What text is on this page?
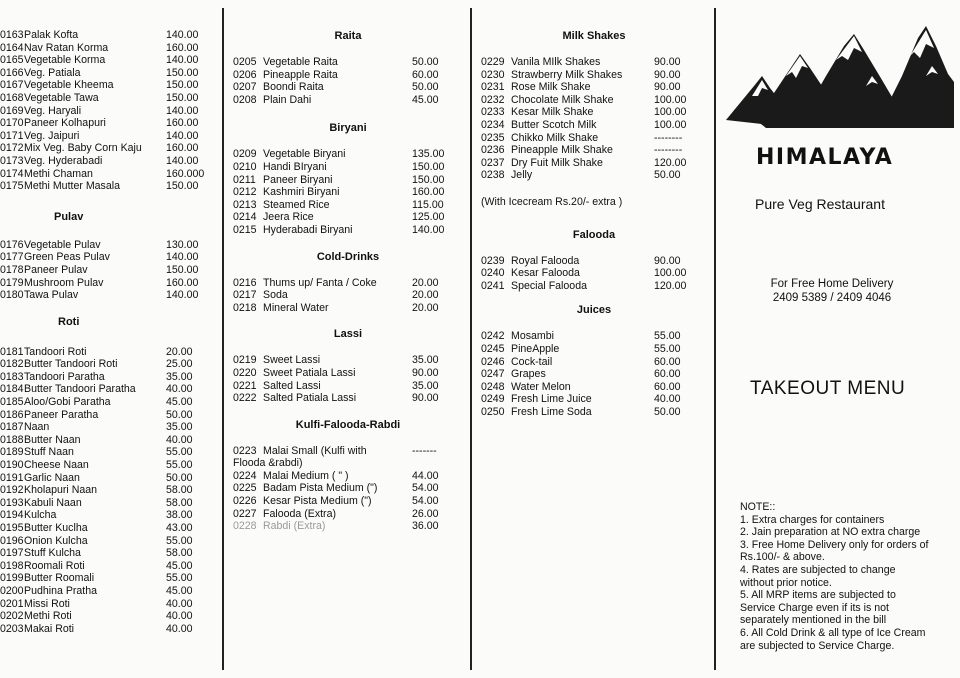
0163 Palak Kofta	140.00
0164 Nav Ratan Korma	160.00
0165 Vegetable Korma	140.00
0166 Veg. Patiala	150.00
0167 Vegetable Kheema	150.00
0168 Vegetable Tawa	150.00
0169 Veg. Haryali	140.00
0170 Paneer Kolhapuri	160.00
0171 Veg. Jaipuri	140.00
0172 Mix Veg. Baby Corn Kaju	160.00
0173 Veg. Hyderabadi	140.00
0174 Methi Chaman	160.000
0175 Methi Mutter Masala	150.00
Pulav
0176 Vegetable Pulav	130.00
0177 Green Peas Pulav	140.00
0178 Paneer Pulav	150.00
0179 Mushroom Pulav	160.00
0180 Tawa Pulav	140.00
Roti
0181 Tandoori Roti	20.00
0182 Butter Tandoori Roti	25.00
0183 Tandoori Paratha	35.00
0184 Butter Tandoori Paratha	40.00
0185 Aloo/Gobi Paratha	45.00
0186 Paneer Paratha	50.00
0187 Naan	35.00
0188 Butter Naan	40.00
0189 Stuff Naan	55.00
0190 Cheese Naan	55.00
0191 Garlic Naan	50.00
0192 Kholapuri Naan	58.00
0193 Kabuli Naan	58.00
0194 Kulcha	38.00
0195 Butter Kuclha	43.00
0196 Onion Kulcha	55.00
0197 Stuff Kulcha	58.00
0198 Roomali Roti	45.00
0199 Butter Roomali	55.00
0200 Pudhina Pratha	45.00
0201 Missi Roti	40.00
0202 Methi Roti	40.00
0203 Makai Roti	40.00
Raita
0205 Vegetable Raita	50.00
0206 Pineapple Raita	60.00
0207 Boondi Raita	50.00
0208 Plain Dahi	45.00
Biryani
0209 Vegetable Biryani	135.00
0210 Handi BIryani	150.00
0211 Paneer Biryani	150.00
0212 Kashmiri Biryani	160.00
0213 Steamed Rice	115.00
0214 Jeera Rice	125.00
0215 Hyderabadi Biryani	140.00
Cold-Drinks
0216 Thums up/ Fanta / Coke	20.00
0217 Soda	20.00
0218 Mineral Water	20.00
Lassi
0219 Sweet Lassi	35.00
0220 Sweet Patiala Lassi	90.00
0221 Salted Lassi	35.00
0222 Salted Patiala Lassi	90.00
Kulfi-Falooda-Rabdi
0223 Malai Small (Kulfi with	-------
Flooda &rabdi)
0224 Malai Medium ( " )	44.00
0225 Badam Pista Medium (")	54.00
0226 Kesar Pista Medium (")	54.00
0227 Falooda (Extra)	26.00
0228 Rabdi (Extra)	36.00
Milk Shakes
0229 Vanila MIlk Shakes	90.00
0230 Strawberry Milk Shakes	90.00
0231 Rose Milk Shake	90.00
0232 Chocolate Milk Shake	100.00
0233 Kesar Milk Shake	100.00
0234 Butter Scotch Milk	100.00
0235 Chikko Milk Shake	--------
0236 Pineapple Milk Shake	--------
0237 Dry Fuit Milk Shake	120.00
0238 Jelly	50.00
(With Icecream Rs.20/- extra )
Falooda
0239 Royal Falooda	90.00
0240 Kesar Falooda	100.00
0241 Special Falooda	120.00
Juices
0242 Mosambi	55.00
0245 PineApple	55.00
0246 Cock-tail	60.00
0247 Grapes	60.00
0248 Water Melon	60.00
0249 Fresh Lime Juice	40.00
0250 Fresh Lime Soda	50.00
HIMALAYA
Pure Veg Restaurant
For Free Home Delivery
2409 5389 / 2409 4046
TAKEOUT MENU
NOTE::
1. Extra charges for containers
2. Jain preparation at NO extra charge
3. Free Home Delivery only for orders of
Rs.100/- & above.
4. Rates are subjected to change
without prior notice.
5. All MRP items are subjected to
Service Charge even if its is not
separately mentioned in the bill
6. All Cold Drink & all type of Ice Cream
are subjected to Service Charge.
